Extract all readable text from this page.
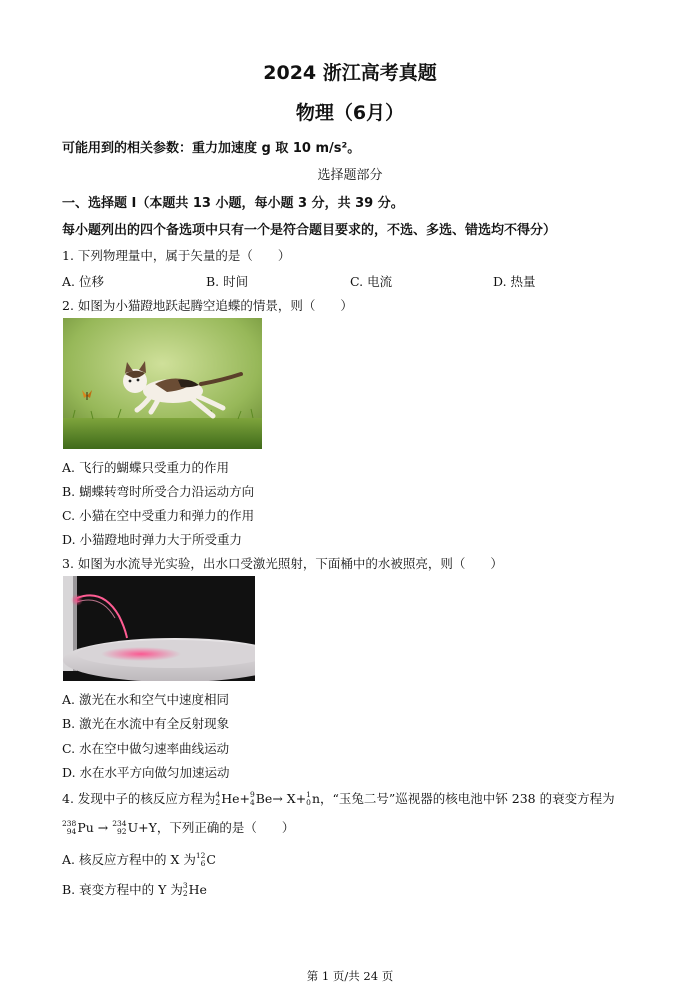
2024 浙江高考真题
物理（6月）
可能用到的相关参数：重力加速度 g 取 10 m/s²。
选择题部分
一、选择题 I（本题共 13 小题，每小题 3 分，共 39 分。
每小题列出的四个备选项中只有一个是符合题目要求的，不选、多选、错选均不得分）
1. 下列物理量中，属于矢量的是（　　）
A. 位移	B. 时间	C. 电流	D. 热量
2. 如图为小猫蹬地跃起腾空追蝶的情景，则（　　）
A. 飞行的蝴蝶只受重力的作用
B. 蝴蝶转弯时所受合力沿运动方向
C. 小猫在空中受重力和弹力的作用
D. 小猫蹬地时弹力大于所受重力
3. 如图为水流导光实验，出水口受激光照射，下面桶中的水被照亮，则（　　）
A. 激光在水和空气中速度相同
B. 激光在水流中有全反射现象
C. 水在空中做匀速率曲线运动
D. 水在水平方向做匀加速运动
4. 发现中子的核反应方程为 4
2 He+ 9
4 Be→ X+ 1
0 n，“玉兔二号”巡视器的核电池中钚 238 的衰变方程为
238
94 Pu → 234
92 U+Y，下列正确的是（　　）
A. 核反应方程中的 X 为 12
6 C
B. 衰变方程中的 Y 为 3
2 He
第 1 页/共 24 页
